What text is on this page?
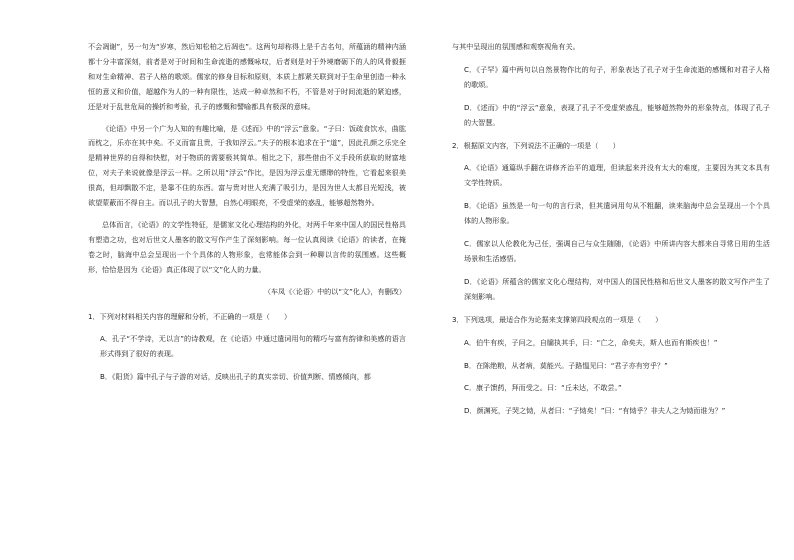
不会凋谢”，另一句为“岁寒，然后知松柏之后凋也”。这两句却称得上是千古名句，所蕴涵的精神内涵都十分丰富深刻，前者是对于时间和生命流逝的感慨咏叹，后者则是对于外境磨砺下的人的风骨毅捱和对生命精神、君子人格的歌颂。儒家的修身目标和原则，本质上都紧关联到对于生命里创造一种永恒的意义和价值，超越作为人的一种有限性，达成一种卓然和不朽，不管是对于时间流逝的紧迫感，还是对于乱世危局的操折和考验，孔子的感慨和譬喻都具有极深的意味。

《论语》中另一个广为人知的有趣比喻，是《述而》中的“浮云”意象。“子曰：饭疏食饮水，曲肱而枕之，乐亦在其中矣。不义而富且贵，于我如浮云。”夫子的根本追求在于“道”，因此孔颜之乐完全是精神世界的自得和快慰，对于物质的需要极其简单。相比之下，那些借由不义手段所获取的财富地位，对夫子来说就像是浮云一样。之所以用“浮云”作比，是因为浮云虚无缥缈的特性，它看起来很美很高，但却飘散不定，是靠不住的东西。富与贵对世人充满了吸引力，是因为世人太都目光短浅，被欲望蒙蔽而不得自主。而以孔子的大智慧，自然心明眼亮，不受虚荣的惑乱，能够超然物外。

总体而言，《论语》的文学性特征，是儒家文化心理结构的外化，对两千年来中国人的国民性格具有塑造之功，也对后世文人墨客的散文写作产生了深刻影响。每一位认真阅读《论语》的读者，在掩卷之时，脑海中总会呈现出一个个具体的人物形象，也常能体会到一种聊以言传的氛围感。这些概形，恰恰是因为《论语》真正体现了以“文”化人的力量。

（车凤《〈论语〉中的以“文”化人》，有删改）

1．下列对材料相关内容的理解和分析，不正确的一项是（　　）

A．孔子“不学诗，无以言”的诗教观，在《论语》中通过遣词用句的精巧与富有韵律和美感的语言形式得到了很好的表现。

B．《阳货》篇中孔子与子游的对话，反映出孔子的真实亲切、价值判断、情感倾向，都

与其中呈现出的氛围感和观察视角有关。

C．《子罕》篇中两句以自然景物作比的句子，形象表达了孔子对于生命流逝的感慨和对君子人格的歌颂。

D．《述而》中的“浮云”意象，表现了孔子不受虚荣惑乱，能够超然物外的形象特点，体现了孔子的大智慧。

2．根据原文内容，下列说法不正确的一项是（　　）

A．《论语》通篇纵手翻在讲修齐治平的道理，但读起来并没有太大的难度，主要因为其文本具有文学性特质。

B．《论语》虽然是一句一句的言行录，但其遣词用句从不粗翻，读来脑海中总会呈现出一个个具体的人物形象。

C．儒家以人伦教化为己任，强调自己与众生随随，《论语》中所讲内容大都来自寻常日用的生活场景和生活感悟。

D．《论语》所蕴含的儒家文化心理结构，对中国人的国民性格和后世文人墨客的散文写作产生了深刻影响。

3．下列选项，最适合作为论据来支撑第四段观点的一项是（　　）

A．伯牛有疾，子问之，自牖执其手，曰：“亡之，命矣夫，斯人也而有斯疾也！”

B．在陈绝粮，从者病，莫能兴。子路愠见曰：“君子亦有穷乎？”

C．康子馈药，拜而受之。曰：“丘未达，不敢尝。”

D．颜渊死，子哭之恸，从者曰：“子恸矣！”曰：“有恸乎？非夫人之为恸而谁为？”
